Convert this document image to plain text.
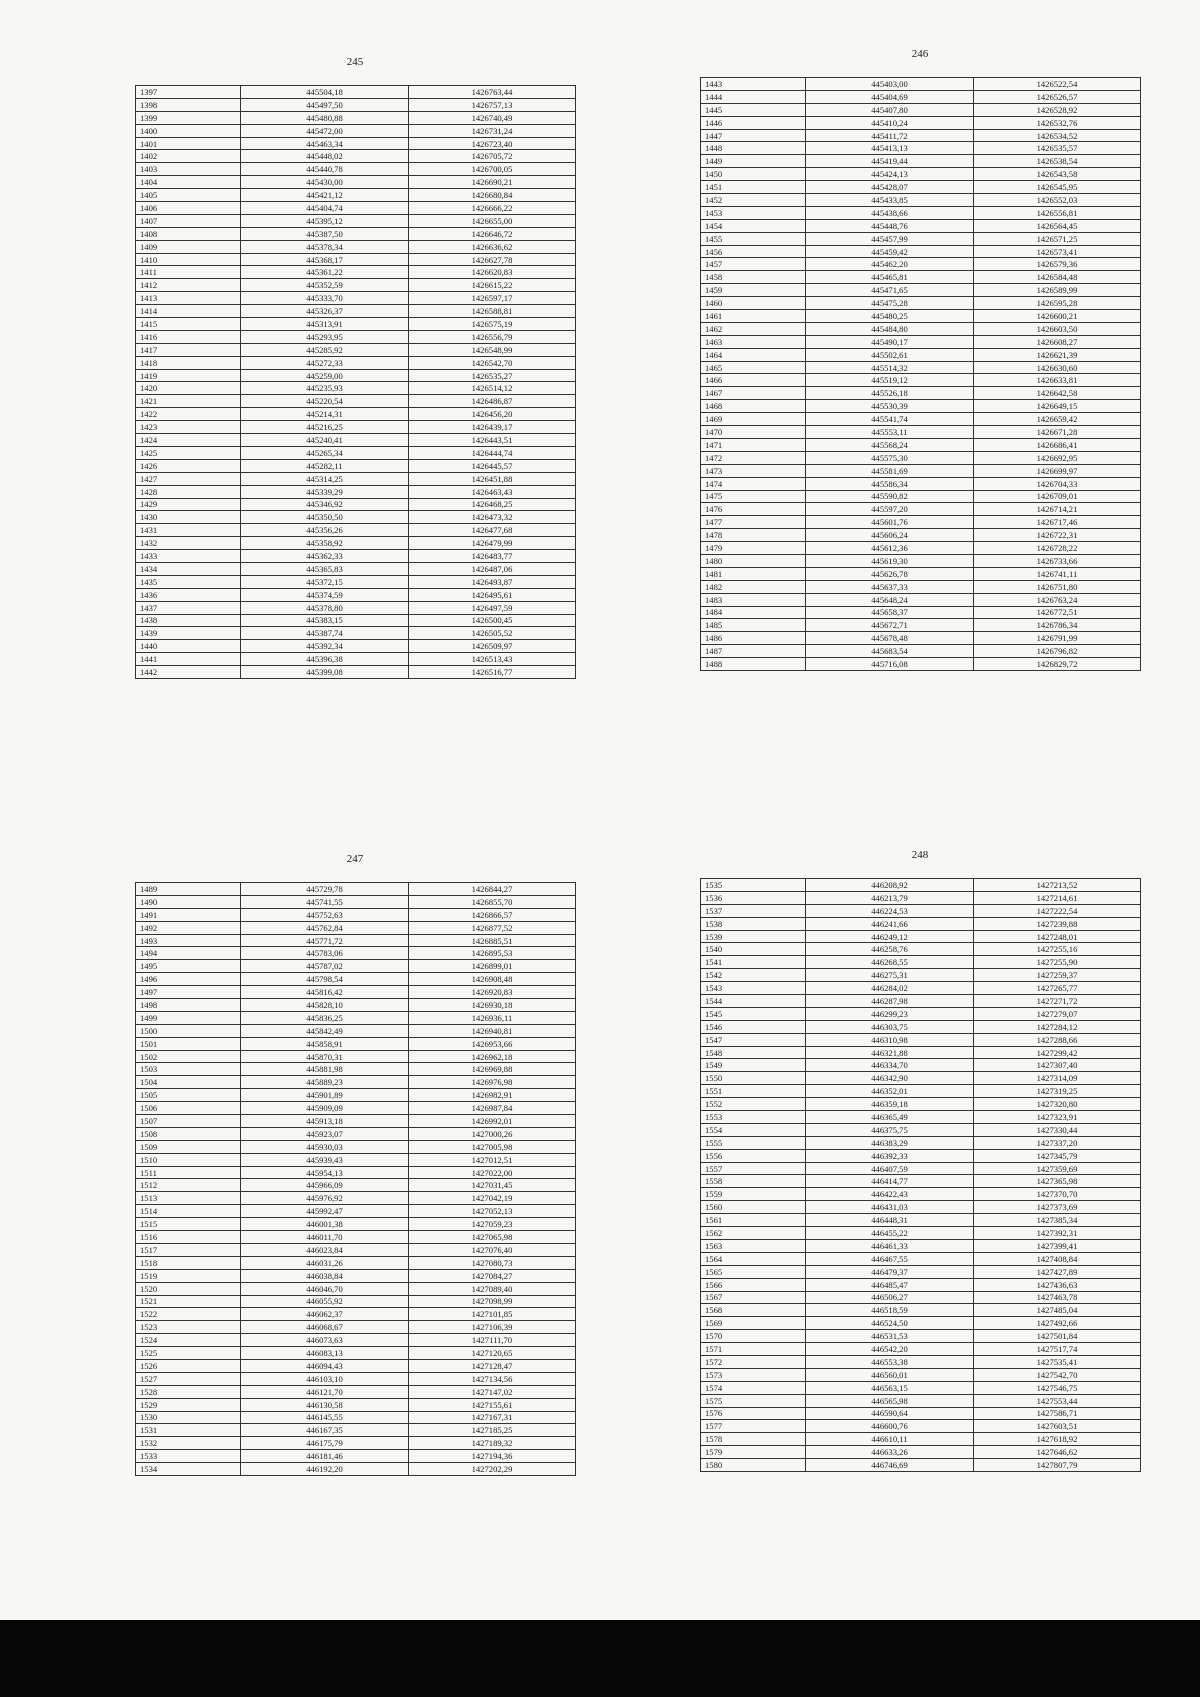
245
1397	445504,18	1426763,44
1398	445497,50	1426757,13
1399	445480,88	1426740,49
1400	445472,00	1426731,24
1401	445463,34	1426723,40
1402	445448,02	1426705,72
1403	445440,78	1426700,05
1404	445430,00	1426690,21
1405	445421,12	1426680,84
1406	445404,74	1426666,22
1407	445395,12	1426655,00
1408	445387,50	1426646,72
1409	445378,34	1426636,62
1410	445368,17	1426627,78
1411	445361,22	1426620,83
1412	445352,59	1426615,22
1413	445333,70	1426597,17
1414	445326,37	1426588,81
1415	445313,91	1426575,19
1416	445293,95	1426556,79
1417	445285,92	1426548,99
1418	445272,33	1426542,70
1419	445259,00	1426535,27
1420	445235,93	1426514,12
1421	445220,54	1426486,87
1422	445214,31	1426456,20
1423	445216,25	1426439,17
1424	445240,41	1426443,51
1425	445265,34	1426444,74
1426	445282,11	1426445,57
1427	445314,25	1426451,88
1428	445339,29	1426463,43
1429	445346,92	1426468,25
1430	445350,50	1426473,32
1431	445356,26	1426477,68
1432	445358,92	1426479,99
1433	445362,33	1426483,77
1434	445365,83	1426487,06
1435	445372,15	1426493,87
1436	445374,59	1426495,61
1437	445378,80	1426497,59
1438	445383,15	1426500,45
1439	445387,74	1426505,52
1440	445392,34	1426509,97
1441	445396,38	1426513,43
1442	445399,08	1426516,77
246
1443	445403,00	1426522,54
1444	445404,69	1426526,57
1445	445407,80	1426528,92
1446	445410,24	1426532,76
1447	445411,72	1426534,52
1448	445413,13	1426535,57
1449	445419,44	1426538,54
1450	445424,13	1426543,58
1451	445428,07	1426545,95
1452	445433,85	1426552,03
1453	445438,66	1426556,81
1454	445448,76	1426564,45
1455	445457,99	1426571,25
1456	445459,42	1426573,41
1457	445462,20	1426579,36
1458	445465,81	1426584,48
1459	445471,65	1426589,99
1460	445475,28	1426595,28
1461	445480,25	1426600,21
1462	445484,80	1426603,50
1463	445490,17	1426608,27
1464	445502,61	1426621,39
1465	445514,32	1426630,60
1466	445519,12	1426633,81
1467	445526,18	1426642,58
1468	445530,39	1426649,15
1469	445541,74	1426659,42
1470	445553,11	1426671,28
1471	445568,24	1426686,41
1472	445575,30	1426692,95
1473	445581,69	1426699,97
1474	445586,34	1426704,33
1475	445590,82	1426709,01
1476	445597,20	1426714,21
1477	445601,76	1426717,46
1478	445606,24	1426722,31
1479	445612,36	1426728,22
1480	445619,30	1426733,66
1481	445626,78	1426741,11
1482	445637,33	1426751,80
1483	445648,24	1426763,24
1484	445658,37	1426772,51
1485	445672,71	1426786,34
1486	445678,48	1426791,99
1487	445683,54	1426796,82
1488	445716,08	1426829,72
247
1489	445729,78	1426844,27
1490	445741,55	1426855,70
1491	445752,63	1426866,57
1492	445762,84	1426877,52
1493	445771,72	1426885,51
1494	445783,06	1426895,53
1495	445787,02	1426899,01
1496	445798,54	1426908,48
1497	445816,42	1426920,83
1498	445828,10	1426930,18
1499	445836,25	1426936,11
1500	445842,49	1426940,81
1501	445858,91	1426953,66
1502	445870,31	1426962,18
1503	445881,98	1426969,88
1504	445889,23	1426976,98
1505	445901,89	1426982,91
1506	445909,09	1426987,84
1507	445913,18	1426992,01
1508	445923,07	1427000,26
1509	445930,03	1427005,98
1510	445939,43	1427012,51
1511	445954,13	1427022,00
1512	445966,09	1427031,45
1513	445976,92	1427042,19
1514	445992,47	1427052,13
1515	446001,38	1427059,23
1516	446011,70	1427065,98
1517	446023,84	1427076,40
1518	446031,26	1427080,73
1519	446038,84	1427084,27
1520	446046,70	1427089,40
1521	446055,92	1427098,99
1522	446062,37	1427101,85
1523	446068,67	1427106,39
1524	446073,63	1427111,70
1525	446083,13	1427120,65
1526	446094,43	1427128,47
1527	446103,10	1427134,56
1528	446121,70	1427147,02
1529	446130,58	1427155,61
1530	446145,55	1427167,31
1531	446167,35	1427185,25
1532	446175,79	1427189,32
1533	446181,46	1427194,36
1534	446192,20	1427202,29
248
1535	446208,92	1427213,52
1536	446213,79	1427214,61
1537	446224,53	1427222,54
1538	446241,66	1427239,88
1539	446249,12	1427248,01
1540	446258,76	1427255,16
1541	446268,55	1427255,90
1542	446275,31	1427259,37
1543	446284,02	1427265,77
1544	446287,98	1427271,72
1545	446299,23	1427279,07
1546	446303,75	1427284,12
1547	446310,98	1427288,66
1548	446321,88	1427299,42
1549	446334,70	1427307,40
1550	446342,90	1427314,09
1551	446352,01	1427319,25
1552	446359,18	1427320,80
1553	446365,49	1427323,91
1554	446375,75	1427330,44
1555	446383,29	1427337,20
1556	446392,33	1427345,79
1557	446407,59	1427359,69
1558	446414,77	1427365,98
1559	446422,43	1427370,70
1560	446431,03	1427373,69
1561	446448,31	1427385,34
1562	446455,22	1427392,31
1563	446461,33	1427399,41
1564	446467,55	1427408,84
1565	446479,37	1427427,89
1566	446485,47	1427436,63
1567	446506,27	1427463,78
1568	446518,59	1427485,04
1569	446524,50	1427492,66
1570	446531,53	1427501,84
1571	446542,20	1427517,74
1572	446553,38	1427535,41
1573	446560,01	1427542,70
1574	446563,15	1427546,75
1575	446565,98	1427553,44
1576	446590,64	1427586,71
1577	446600,76	1427603,51
1578	446610,11	1427618,92
1579	446633,26	1427646,62
1580	446746,69	1427807,79
